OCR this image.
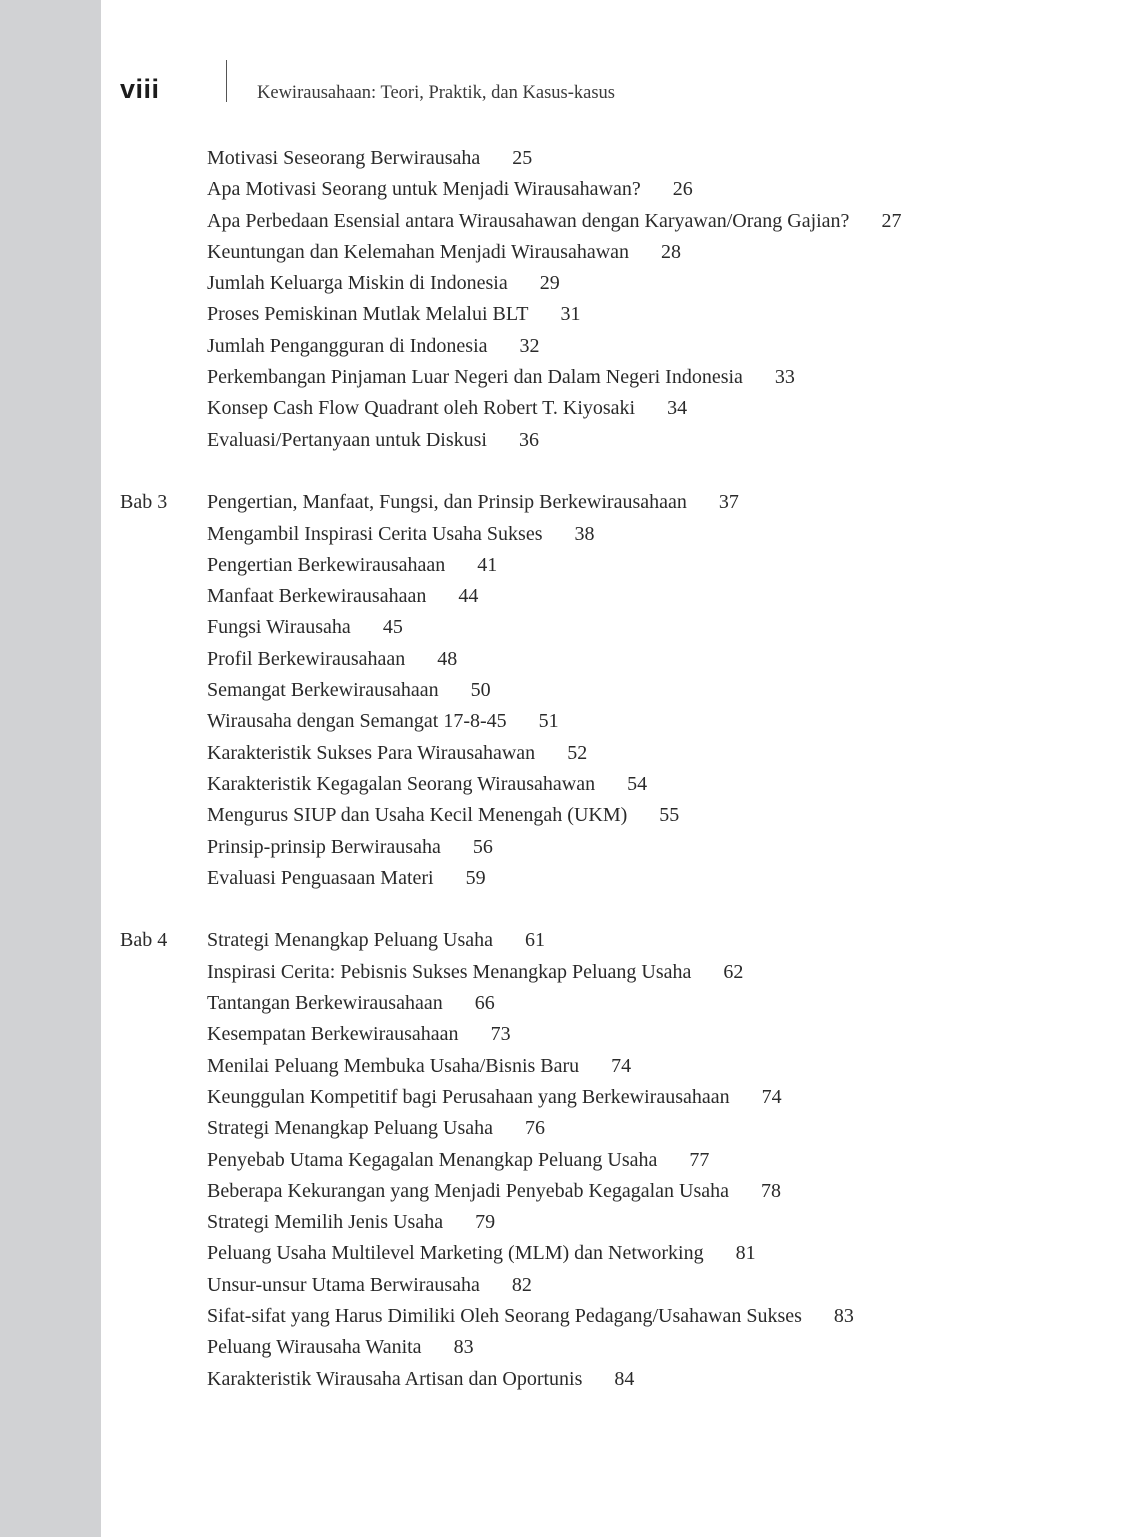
viii	Kewirausahaan: Teori, Praktik, dan Kasus-kasus
Motivasi Seseorang Berwirausaha 25
Apa Motivasi Seorang untuk Menjadi Wirausahawan? 26
Apa Perbedaan Esensial antara Wirausahawan dengan Karyawan/Orang Gajian? 27
Keuntungan dan Kelemahan Menjadi Wirausahawan 28
Jumlah Keluarga Miskin di Indonesia 29
Proses Pemiskinan Mutlak Melalui BLT 31
Jumlah Pengangguran di Indonesia 32
Perkembangan Pinjaman Luar Negeri dan Dalam Negeri Indonesia 33
Konsep Cash Flow Quadrant oleh Robert T. Kiyosaki 34
Evaluasi/Pertanyaan untuk Diskusi 36
Bab 3 Pengertian, Manfaat, Fungsi, dan Prinsip Berkewirausahaan 37
Mengambil Inspirasi Cerita Usaha Sukses 38
Pengertian Berkewirausahaan 41
Manfaat Berkewirausahaan 44
Fungsi Wirausaha 45
Profil Berkewirausahaan 48
Semangat Berkewirausahaan 50
Wirausaha dengan Semangat 17-8-45 51
Karakteristik Sukses Para Wirausahawan 52
Karakteristik Kegagalan Seorang Wirausahawan 54
Mengurus SIUP dan Usaha Kecil Menengah (UKM) 55
Prinsip-prinsip Berwirausaha 56
Evaluasi Penguasaan Materi 59
Bab 4 Strategi Menangkap Peluang Usaha 61
Inspirasi Cerita: Pebisnis Sukses Menangkap Peluang Usaha 62
Tantangan Berkewirausahaan 66
Kesempatan Berkewirausahaan 73
Menilai Peluang Membuka Usaha/Bisnis Baru 74
Keunggulan Kompetitif bagi Perusahaan yang Berkewirausahaan 74
Strategi Menangkap Peluang Usaha 76
Penyebab Utama Kegagalan Menangkap Peluang Usaha 77
Beberapa Kekurangan yang Menjadi Penyebab Kegagalan Usaha 78
Strategi Memilih Jenis Usaha 79
Peluang Usaha Multilevel Marketing (MLM) dan Networking 81
Unsur-unsur Utama Berwirausaha 82
Sifat-sifat yang Harus Dimiliki Oleh Seorang Pedagang/Usahawan Sukses 83
Peluang Wirausaha Wanita 83
Karakteristik Wirausaha Artisan dan Oportunis 84
